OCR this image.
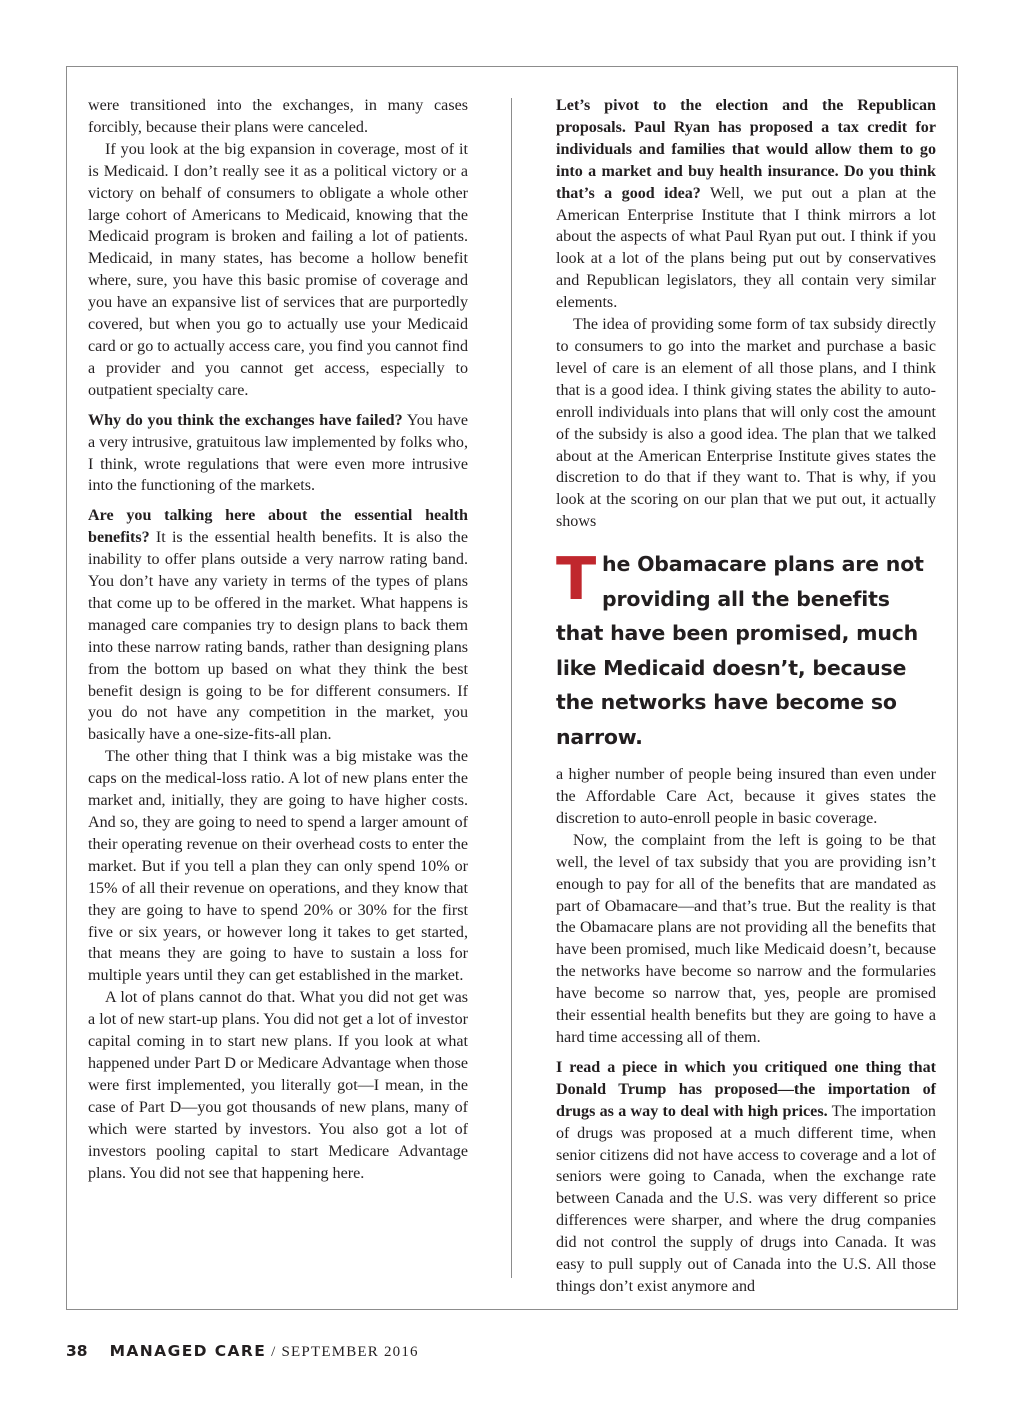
were transitioned into the exchanges, in many cases forcibly, because their plans were canceled.

If you look at the big expansion in coverage, most of it is Medicaid. I don’t really see it as a political victory or a victory on behalf of consumers to obligate a whole other large cohort of Americans to Medicaid, knowing that the Medicaid program is broken and failing a lot of patients. Medicaid, in many states, has become a hollow benefit where, sure, you have this basic promise of coverage and you have an expansive list of services that are purportedly covered, but when you go to actually use your Medicaid card or go to actually access care, you find you cannot find a provider and you cannot get access, especially to outpatient specialty care.

Why do you think the exchanges have failed? You have a very intrusive, gratuitous law implemented by folks who, I think, wrote regulations that were even more intrusive into the functioning of the markets.

Are you talking here about the essential health benefits? It is the essential health benefits. It is also the inability to offer plans outside a very narrow rating band. You don’t have any variety in terms of the types of plans that come up to be offered in the market. What happens is managed care companies try to design plans to back them into these narrow rating bands, rather than designing plans from the bottom up based on what they think the best benefit design is going to be for different consumers. If you do not have any competition in the market, you basically have a one-size-fits-all plan.

The other thing that I think was a big mistake was the caps on the medical-loss ratio. A lot of new plans enter the market and, initially, they are going to have higher costs. And so, they are going to need to spend a larger amount of their operating revenue on their overhead costs to enter the market. But if you tell a plan they can only spend 10% or 15% of all their revenue on operations, and they know that they are going to have to spend 20% or 30% for the first five or six years, or however long it takes to get started, that means they are going to have to sustain a loss for multiple years until they can get established in the market.

A lot of plans cannot do that. What you did not get was a lot of new start-up plans. You did not get a lot of investor capital coming in to start new plans. If you look at what happened under Part D or Medicare Advantage when those were first implemented, you literally got—I mean, in the case of Part D—you got thousands of new plans, many of which were started by investors. You also got a lot of investors pooling capital to start Medicare Advantage plans. You did not see that happening here.

Let’s pivot to the election and the Republican proposals. Paul Ryan has proposed a tax credit for individuals and families that would allow them to go into a market and buy health insurance. Do you think that’s a good idea? Well, we put out a plan at the American Enterprise Institute that I think mirrors a lot about the aspects of what Paul Ryan put out. I think if you look at a lot of the plans being put out by conservatives and Republican legislators, they all contain very similar elements.

The idea of providing some form of tax subsidy directly to consumers to go into the market and purchase a basic level of care is an element of all those plans, and I think that is a good idea. I think giving states the ability to auto-enroll individuals into plans that will only cost the amount of the subsidy is also a good idea. The plan that we talked about at the American Enterprise Institute gives states the discretion to do that if they want to. That is why, if you look at the scoring on our plan that we put out, it actually shows

The Obamacare plans are not providing all the benefits that have been promised, much like Medicaid doesn’t, because the networks have become so narrow.

a higher number of people being insured than even under the Affordable Care Act, because it gives states the discretion to auto-enroll people in basic coverage.

Now, the complaint from the left is going to be that well, the level of tax subsidy that you are providing isn’t enough to pay for all of the benefits that are mandated as part of Obamacare—and that’s true. But the reality is that the Obamacare plans are not providing all the benefits that have been promised, much like Medicaid doesn’t, because the networks have become so narrow and the formularies have become so narrow that, yes, people are promised their essential health benefits but they are going to have a hard time accessing all of them.

I read a piece in which you critiqued one thing that Donald Trump has proposed—the importation of drugs as a way to deal with high prices. The importation of drugs was proposed at a much different time, when senior citizens did not have access to coverage and a lot of seniors were going to Canada, when the exchange rate between Canada and the U.S. was very different so price differences were sharper, and where the drug companies did not control the supply of drugs into Canada. It was easy to pull supply out of Canada into the U.S. All those things don’t exist anymore and

38 MANAGED CARE / SEPTEMBER 2016
